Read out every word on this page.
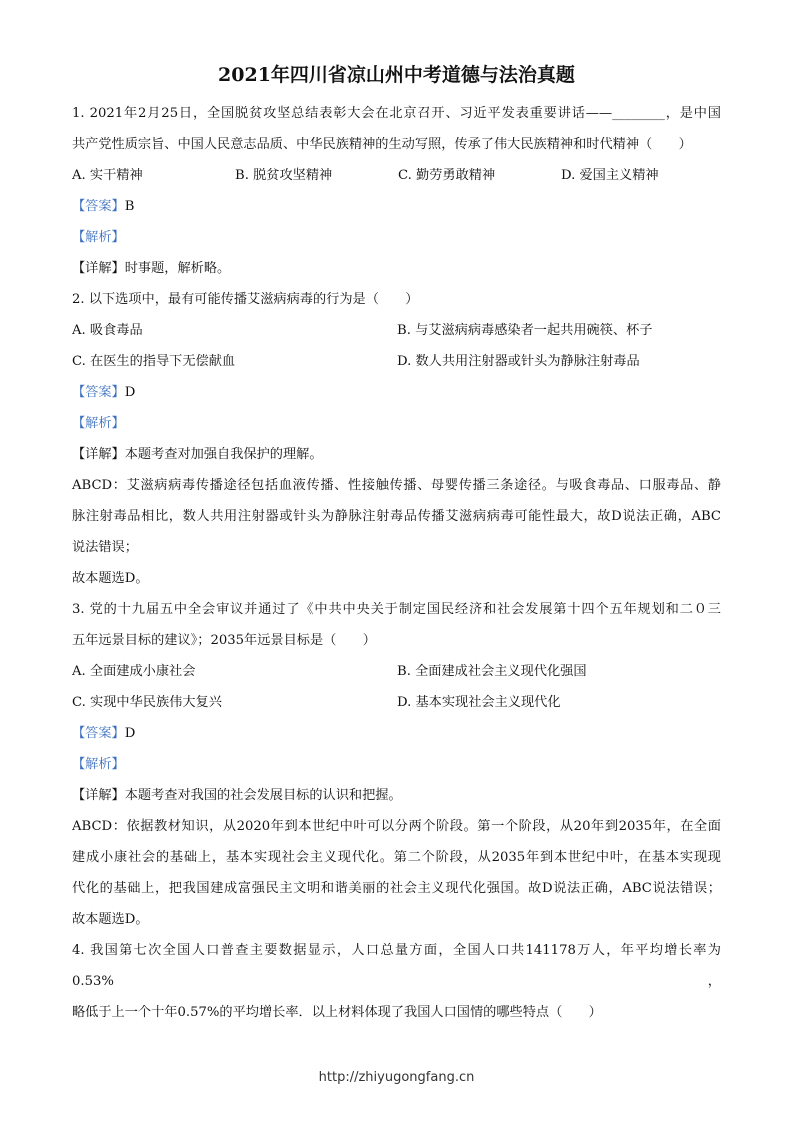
2021年四川省凉山州中考道德与法治真题
1. 2021年2月25日，全国脱贫攻坚总结表彰大会在北京召开、习近平发表重要讲话——________，是中国
共产党性质宗旨、中国人民意志品质、中华民族精神的生动写照，传承了伟大民族精神和时代精神（　　）
A. 实干精神	B. 脱贫攻坚精神	C. 勤劳勇敢精神	D. 爱国主义精神
【答案】B
【解析】
【详解】时事题，解析略。
2. 以下选项中，最有可能传播艾滋病病毒的行为是（　　）
A. 吸食毒品	B. 与艾滋病病毒感染者一起共用碗筷、杯子
C. 在医生的指导下无偿献血	D. 数人共用注射器或针头为静脉注射毒品
【答案】D
【解析】
【详解】本题考查对加强自我保护的理解。
ABCD：艾滋病病毒传播途径包括血液传播、性接触传播、母婴传播三条途径。与吸食毒品、口服毒品、静
脉注射毒品相比，数人共用注射器或针头为静脉注射毒品传播艾滋病病毒可能性最大，故D说法正确，ABC
说法错误；
故本题选D。
3. 党的十九届五中全会审议并通过了《中共中央关于制定国民经济和社会发展第十四个五年规划和二０三
五年远景目标的建议》；2035年远景目标是（　　）
A. 全面建成小康社会	B. 全面建成社会主义现代化强国
C. 实现中华民族伟大复兴	D. 基本实现社会主义现代化
【答案】D
【解析】
【详解】本题考查对我国的社会发展目标的认识和把握。
ABCD：依据教材知识，从2020年到本世纪中叶可以分两个阶段。第一个阶段，从20年到2035年，在全面
建成小康社会的基础上，基本实现社会主义现代化。第二个阶段，从2035年到本世纪中叶，在基本实现现
代化的基础上，把我国建成富强民主文明和谐美丽的社会主义现代化强国。故D说法正确，ABC说法错误；
故本题选D。
4. 我国第七次全国人口普查主要数据显示，人口总量方面，全国人口共141178万人，年平均增长率为0.53%，
略低于上一个十年0.57%的平均增长率．以上材料体现了我国人口国情的哪些特点（　　）
http://zhiyugongfang.cn
